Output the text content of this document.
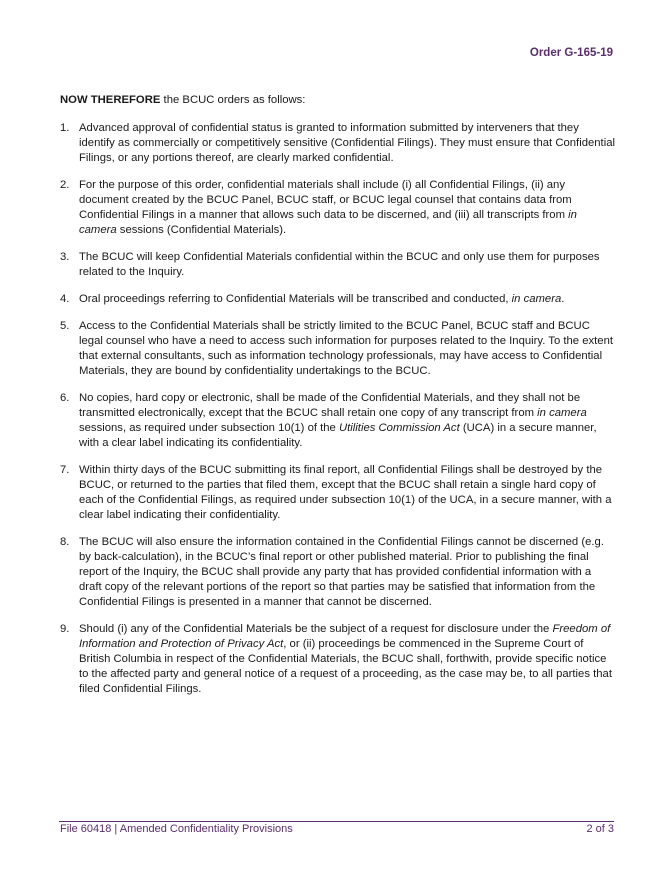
Order G-165-19
NOW THEREFORE the BCUC orders as follows:
1. Advanced approval of confidential status is granted to information submitted by interveners that they identify as commercially or competitively sensitive (Confidential Filings). They must ensure that Confidential Filings, or any portions thereof, are clearly marked confidential.
2. For the purpose of this order, confidential materials shall include (i) all Confidential Filings, (ii) any document created by the BCUC Panel, BCUC staff, or BCUC legal counsel that contains data from Confidential Filings in a manner that allows such data to be discerned, and (iii) all transcripts from in camera sessions (Confidential Materials).
3. The BCUC will keep Confidential Materials confidential within the BCUC and only use them for purposes related to the Inquiry.
4. Oral proceedings referring to Confidential Materials will be transcribed and conducted, in camera.
5. Access to the Confidential Materials shall be strictly limited to the BCUC Panel, BCUC staff and BCUC legal counsel who have a need to access such information for purposes related to the Inquiry. To the extent that external consultants, such as information technology professionals, may have access to Confidential Materials, they are bound by confidentiality undertakings to the BCUC.
6. No copies, hard copy or electronic, shall be made of the Confidential Materials, and they shall not be transmitted electronically, except that the BCUC shall retain one copy of any transcript from in camera sessions, as required under subsection 10(1) of the Utilities Commission Act (UCA) in a secure manner, with a clear label indicating its confidentiality.
7. Within thirty days of the BCUC submitting its final report, all Confidential Filings shall be destroyed by the BCUC, or returned to the parties that filed them, except that the BCUC shall retain a single hard copy of each of the Confidential Filings, as required under subsection 10(1) of the UCA, in a secure manner, with a clear label indicating their confidentiality.
8. The BCUC will also ensure the information contained in the Confidential Filings cannot be discerned (e.g. by back-calculation), in the BCUC’s final report or other published material. Prior to publishing the final report of the Inquiry, the BCUC shall provide any party that has provided confidential information with a draft copy of the relevant portions of the report so that parties may be satisfied that information from the Confidential Filings is presented in a manner that cannot be discerned.
9. Should (i) any of the Confidential Materials be the subject of a request for disclosure under the Freedom of Information and Protection of Privacy Act, or (ii) proceedings be commenced in the Supreme Court of British Columbia in respect of the Confidential Materials, the BCUC shall, forthwith, provide specific notice to the affected party and general notice of a request of a proceeding, as the case may be, to all parties that filed Confidential Filings.
File 60418 | Amended Confidentiality Provisions	2 of 3
